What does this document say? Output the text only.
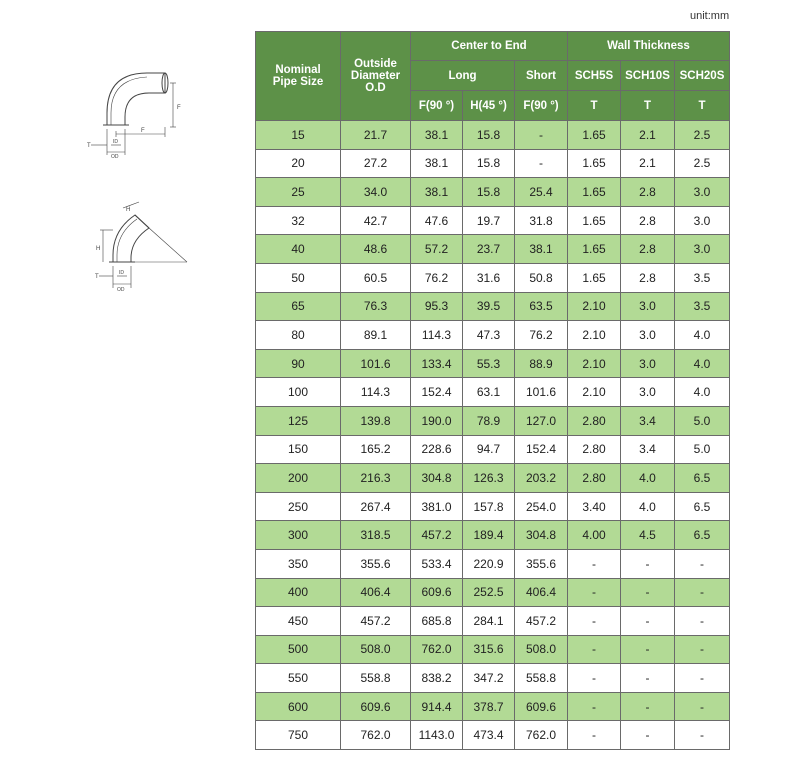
unit:mm
F
F
T
ID
OD
H
H
T
ID
OD
Nominal
Pipe Size	Outside
Diameter
O.D	Center to End			Wall Thickness		
		Long		Short	SCH5S	SCH10S	SCH20S
		F(90 °)	H(45 °)	F(90 °)	T	T	T
15	21.7	38.1	15.8	-	1.65	2.1	2.5
20	27.2	38.1	15.8	-	1.65	2.1	2.5
25	34.0	38.1	15.8	25.4	1.65	2.8	3.0
32	42.7	47.6	19.7	31.8	1.65	2.8	3.0
40	48.6	57.2	23.7	38.1	1.65	2.8	3.0
50	60.5	76.2	31.6	50.8	1.65	2.8	3.5
65	76.3	95.3	39.5	63.5	2.10	3.0	3.5
80	89.1	114.3	47.3	76.2	2.10	3.0	4.0
90	101.6	133.4	55.3	88.9	2.10	3.0	4.0
100	114.3	152.4	63.1	101.6	2.10	3.0	4.0
125	139.8	190.0	78.9	127.0	2.80	3.4	5.0
150	165.2	228.6	94.7	152.4	2.80	3.4	5.0
200	216.3	304.8	126.3	203.2	2.80	4.0	6.5
250	267.4	381.0	157.8	254.0	3.40	4.0	6.5
300	318.5	457.2	189.4	304.8	4.00	4.5	6.5
350	355.6	533.4	220.9	355.6	-	-	-
400	406.4	609.6	252.5	406.4	-	-	-
450	457.2	685.8	284.1	457.2	-	-	-
500	508.0	762.0	315.6	508.0	-	-	-
550	558.8	838.2	347.2	558.8	-	-	-
600	609.6	914.4	378.7	609.6	-	-	-
750	762.0	1143.0	473.4	762.0	-	-	-
